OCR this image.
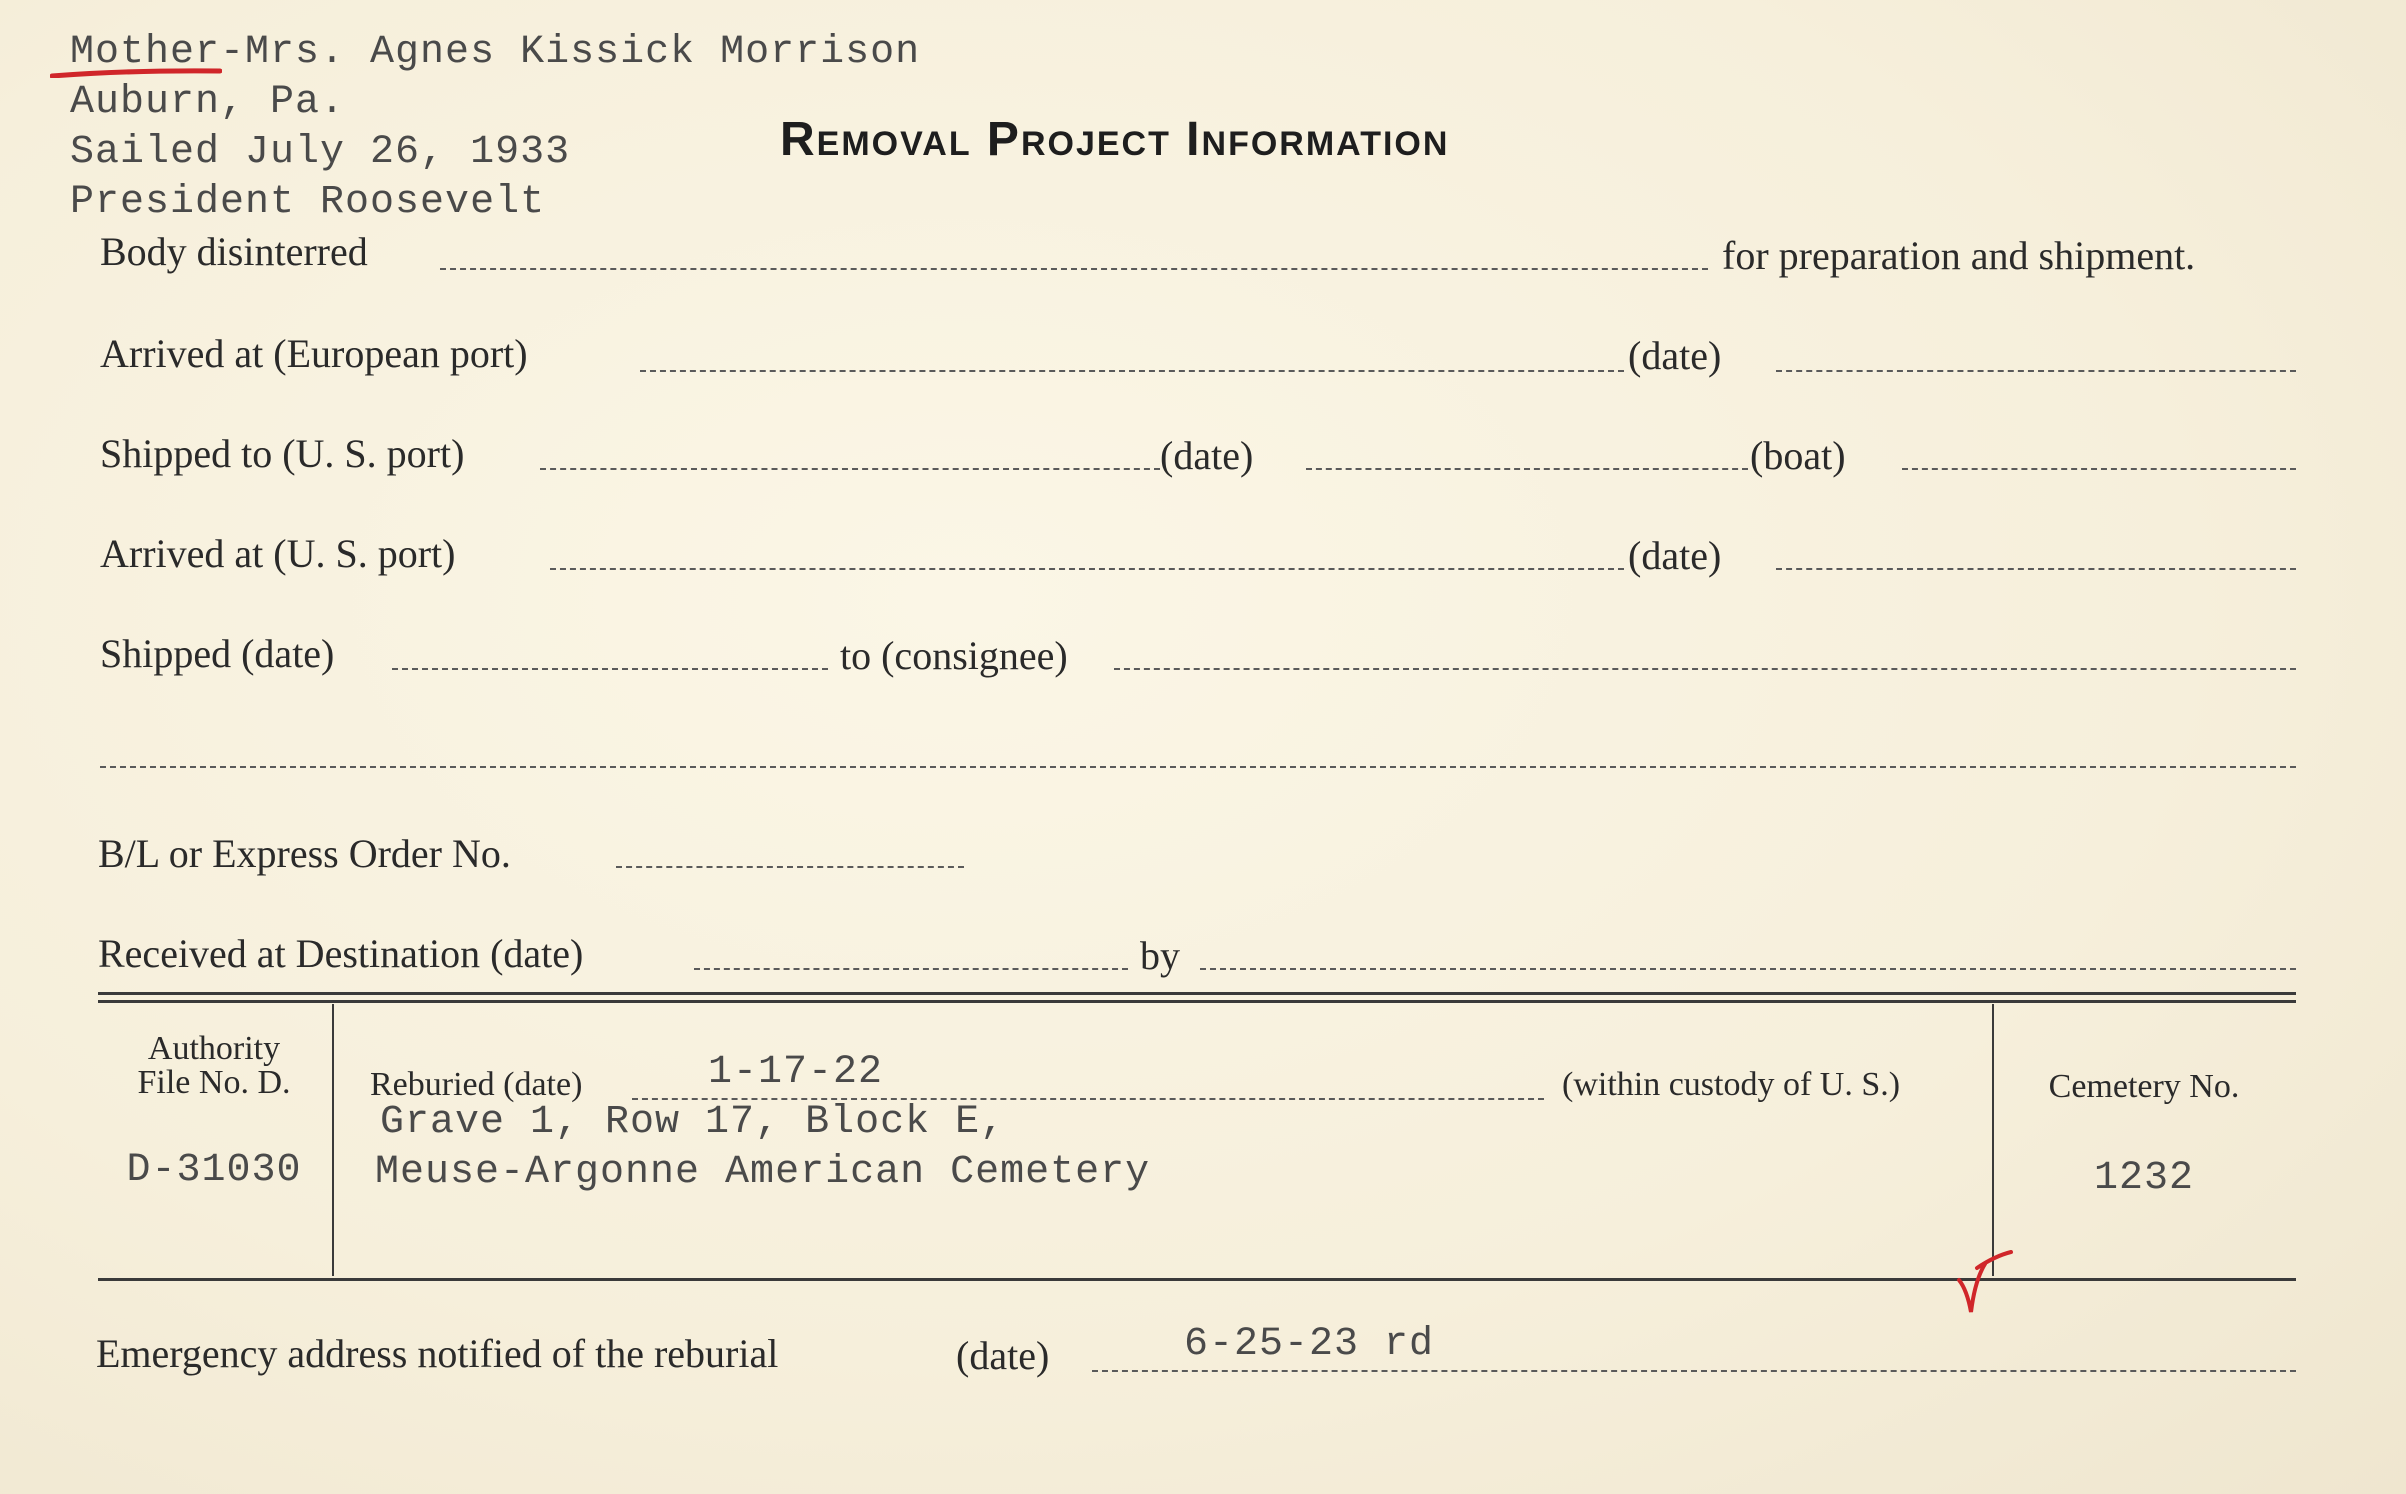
Mother-Mrs. Agnes Kissick Morrison
Auburn, Pa.
Sailed July 26, 1933
President Roosevelt
Removal Project Information
Body disinterred	for preparation and shipment.
Arrived at (European port)	(date)
Shipped to (U. S. port)	(date)	(boat)
Arrived at (U. S. port)	(date)
Shipped (date)	to (consignee)
B/L or Express Order No.
Received at Destination (date)	by
Authority
File No. D.
D-31030
Reburied (date)	1-17-22	(within custody of U. S.)
Grave 1, Row 17, Block E,
Meuse-Argonne American Cemetery
Cemetery No.
1232
Emergency address notified of the reburial	(date)	6-25-23 rd
